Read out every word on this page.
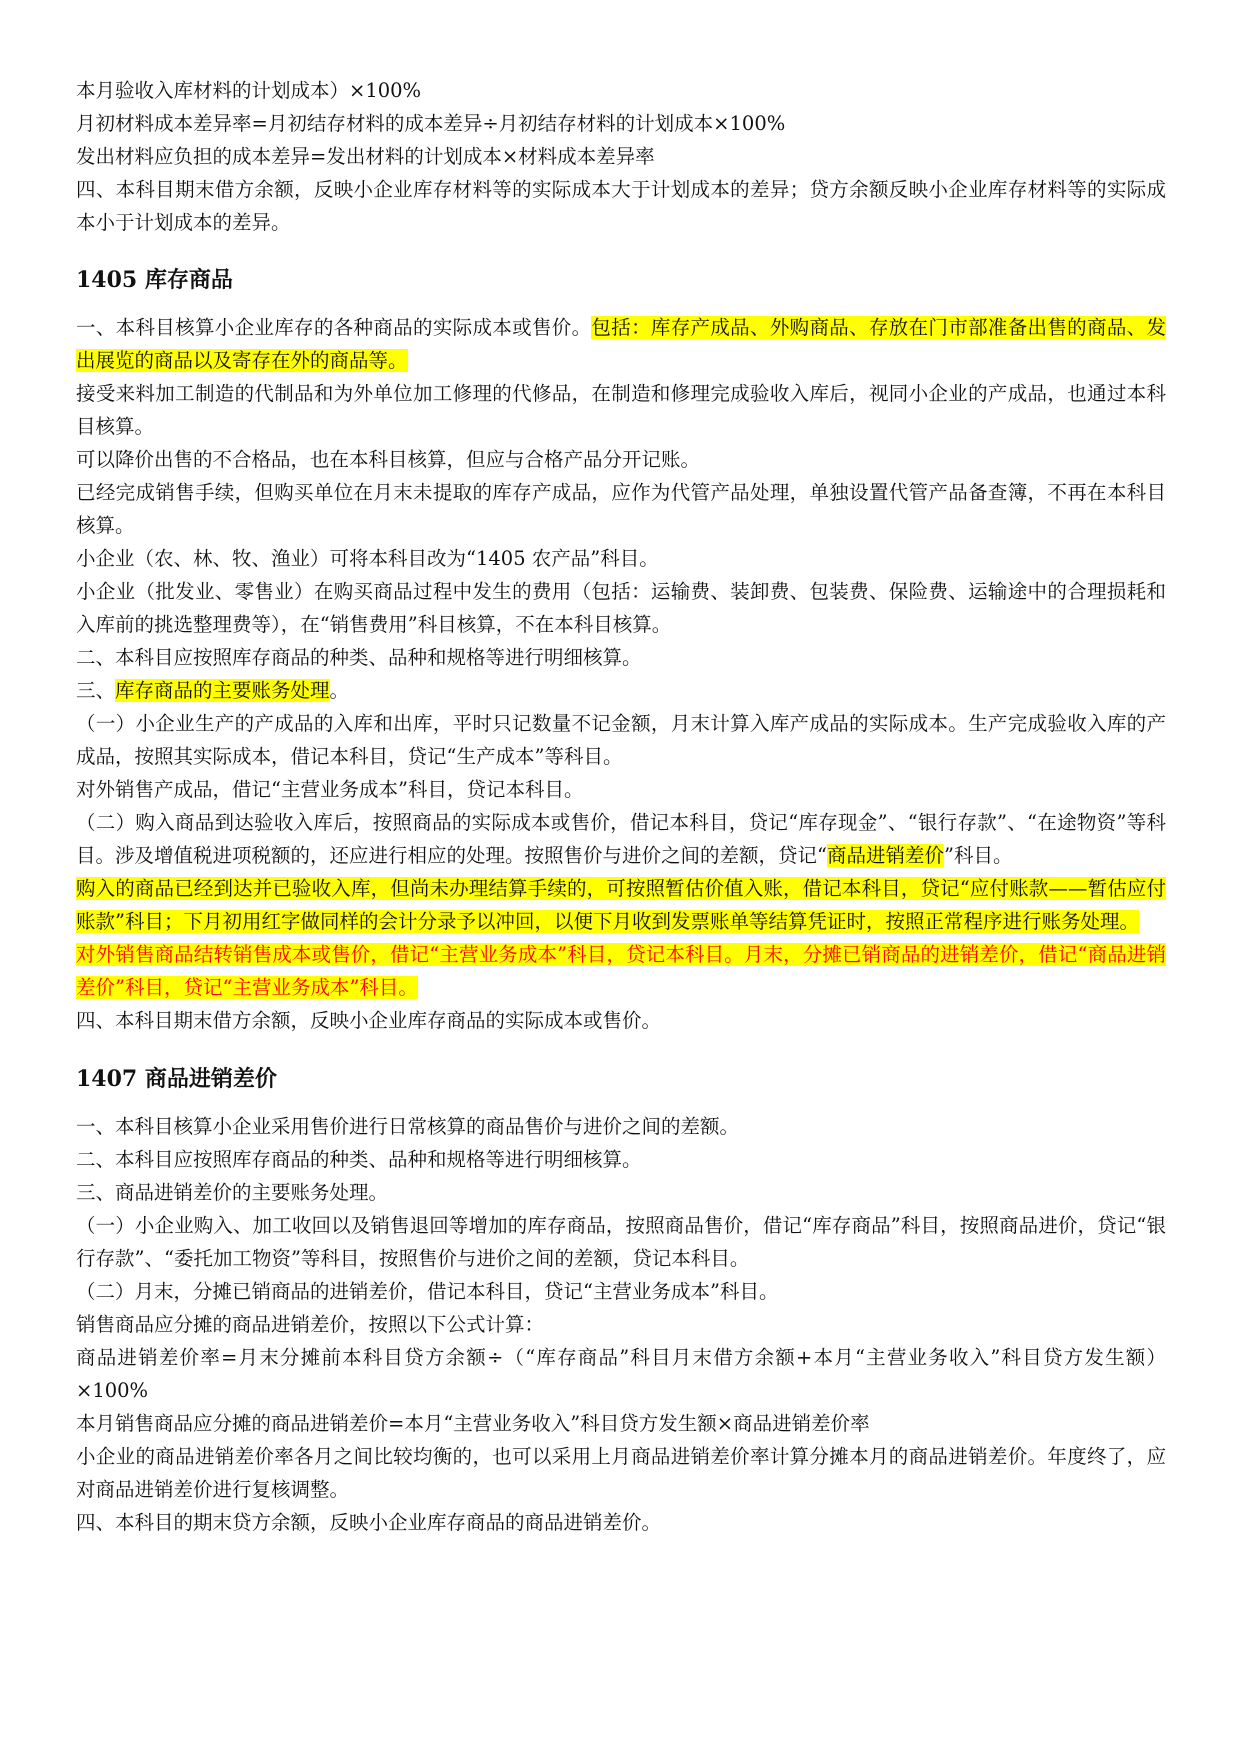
本月验收入库材料的计划成本）×100%

月初材料成本差异率=月初结存材料的成本差异÷月初结存材料的计划成本×100%

发出材料应负担的成本差异=发出材料的计划成本×材料成本差异率

四、本科目期末借方余额，反映小企业库存材料等的实际成本大于计划成本的差异；贷方余额反映小企业库存材料等的实际成本小于计划成本的差异。

1405 库存商品

一、本科目核算小企业库存的各种商品的实际成本或售价。包括：库存产成品、外购商品、存放在门市部准备出售的商品、发出展览的商品以及寄存在外的商品等。

接受来料加工制造的代制品和为外单位加工修理的代修品，在制造和修理完成验收入库后，视同小企业的产成品，也通过本科目核算。

可以降价出售的不合格品，也在本科目核算，但应与合格产品分开记账。

已经完成销售手续，但购买单位在月末未提取的库存产成品，应作为代管产品处理，单独设置代管产品备查簿，不再在本科目核算。

小企业（农、林、牧、渔业）可将本科目改为“1405 农产品”科目。

小企业（批发业、零售业）在购买商品过程中发生的费用（包括：运输费、装卸费、包装费、保险费、运输途中的合理损耗和入库前的挑选整理费等），在“销售费用”科目核算，不在本科目核算。

二、本科目应按照库存商品的种类、品种和规格等进行明细核算。

三、库存商品的主要账务处理。

（一）小企业生产的产成品的入库和出库，平时只记数量不记金额，月末计算入库产成品的实际成本。生产完成验收入库的产成品，按照其实际成本，借记本科目，贷记“生产成本”等科目。

对外销售产成品，借记“主营业务成本”科目，贷记本科目。

（二）购入商品到达验收入库后，按照商品的实际成本或售价，借记本科目，贷记“库存现金”、“银行存款”、“在途物资”等科目。涉及增值税进项税额的，还应进行相应的处理。按照售价与进价之间的差额，贷记“商品进销差价”科目。

购入的商品已经到达并已验收入库，但尚未办理结算手续的，可按照暂估价值入账，借记本科目，贷记“应付账款——暂估应付账款”科目；下月初用红字做同样的会计分录予以冲回，以便下月收到发票账单等结算凭证时，按照正常程序进行账务处理。

对外销售商品结转销售成本或售价，借记“主营业务成本”科目，贷记本科目。月末，分摊已销商品的进销差价，借记“商品进销差价”科目，贷记“主营业务成本”科目。

四、本科目期末借方余额，反映小企业库存商品的实际成本或售价。

1407 商品进销差价

一、本科目核算小企业采用售价进行日常核算的商品售价与进价之间的差额。

二、本科目应按照库存商品的种类、品种和规格等进行明细核算。

三、商品进销差价的主要账务处理。

（一）小企业购入、加工收回以及销售退回等增加的库存商品，按照商品售价，借记“库存商品”科目，按照商品进价，贷记“银行存款”、“委托加工物资”等科目，按照售价与进价之间的差额，贷记本科目。

（二）月末，分摊已销商品的进销差价，借记本科目，贷记“主营业务成本”科目。

销售商品应分摊的商品进销差价，按照以下公式计算：

商品进销差价率=月末分摊前本科目贷方余额÷（“库存商品”科目月末借方余额+本月“主营业务收入”科目贷方发生额）×100%

本月销售商品应分摊的商品进销差价=本月“主营业务收入”科目贷方发生额×商品进销差价率

小企业的商品进销差价率各月之间比较均衡的，也可以采用上月商品进销差价率计算分摊本月的商品进销差价。年度终了，应对商品进销差价进行复核调整。

四、本科目的期末贷方余额，反映小企业库存商品的商品进销差价。
